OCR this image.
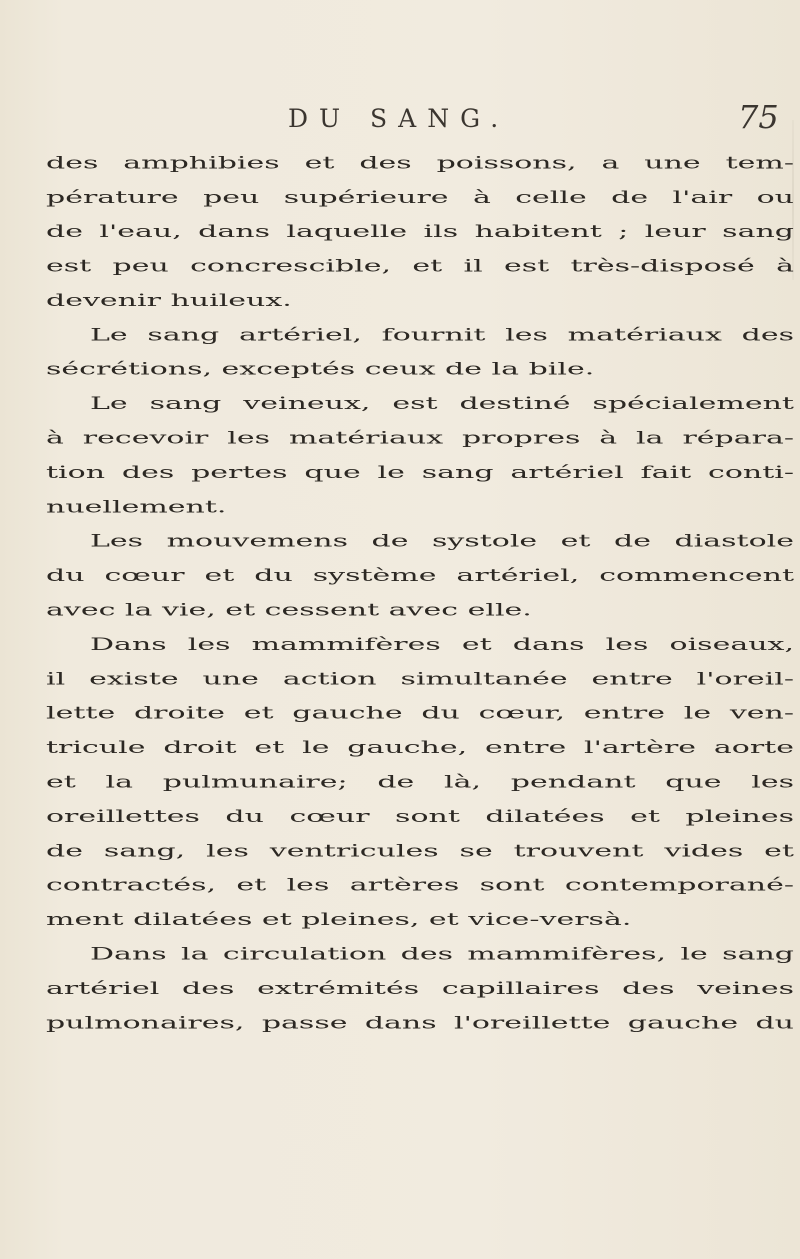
DU SANG.	75
des amphibies et des poissons, a une tem-
pérature peu supérieure à celle de l'air ou
de l'eau, dans laquelle ils habitent ; leur sang
est peu concrescible, et il est très-disposé à
devenir huileux.
Le sang artériel, fournit les matériaux des
sécrétions, exceptés ceux de la bile.
Le sang veineux, est destiné spécialement
à recevoir les matériaux propres à la répara-
tion des pertes que le sang artériel fait conti-
nuellement.
Les mouvemens de systole et de diastole
du cœur et du système artériel, commencent
avec la vie, et cessent avec elle.
Dans les mammifères et dans les oiseaux,
il existe une action simultanée entre l'oreil-
lette droite et gauche du cœur, entre le ven-
tricule droit et le gauche, entre l'artère aorte
et la pulmunaire; de là, pendant que les
oreillettes du cœur sont dilatées et pleines
de sang, les ventricules se trouvent vides et
contractés, et les artères sont contemporané-
ment dilatées et pleines, et vice-versà.
Dans la circulation des mammifères, le sang
artériel des extrémités capillaires des veines
pulmonaires, passe dans l'oreillette gauche du
